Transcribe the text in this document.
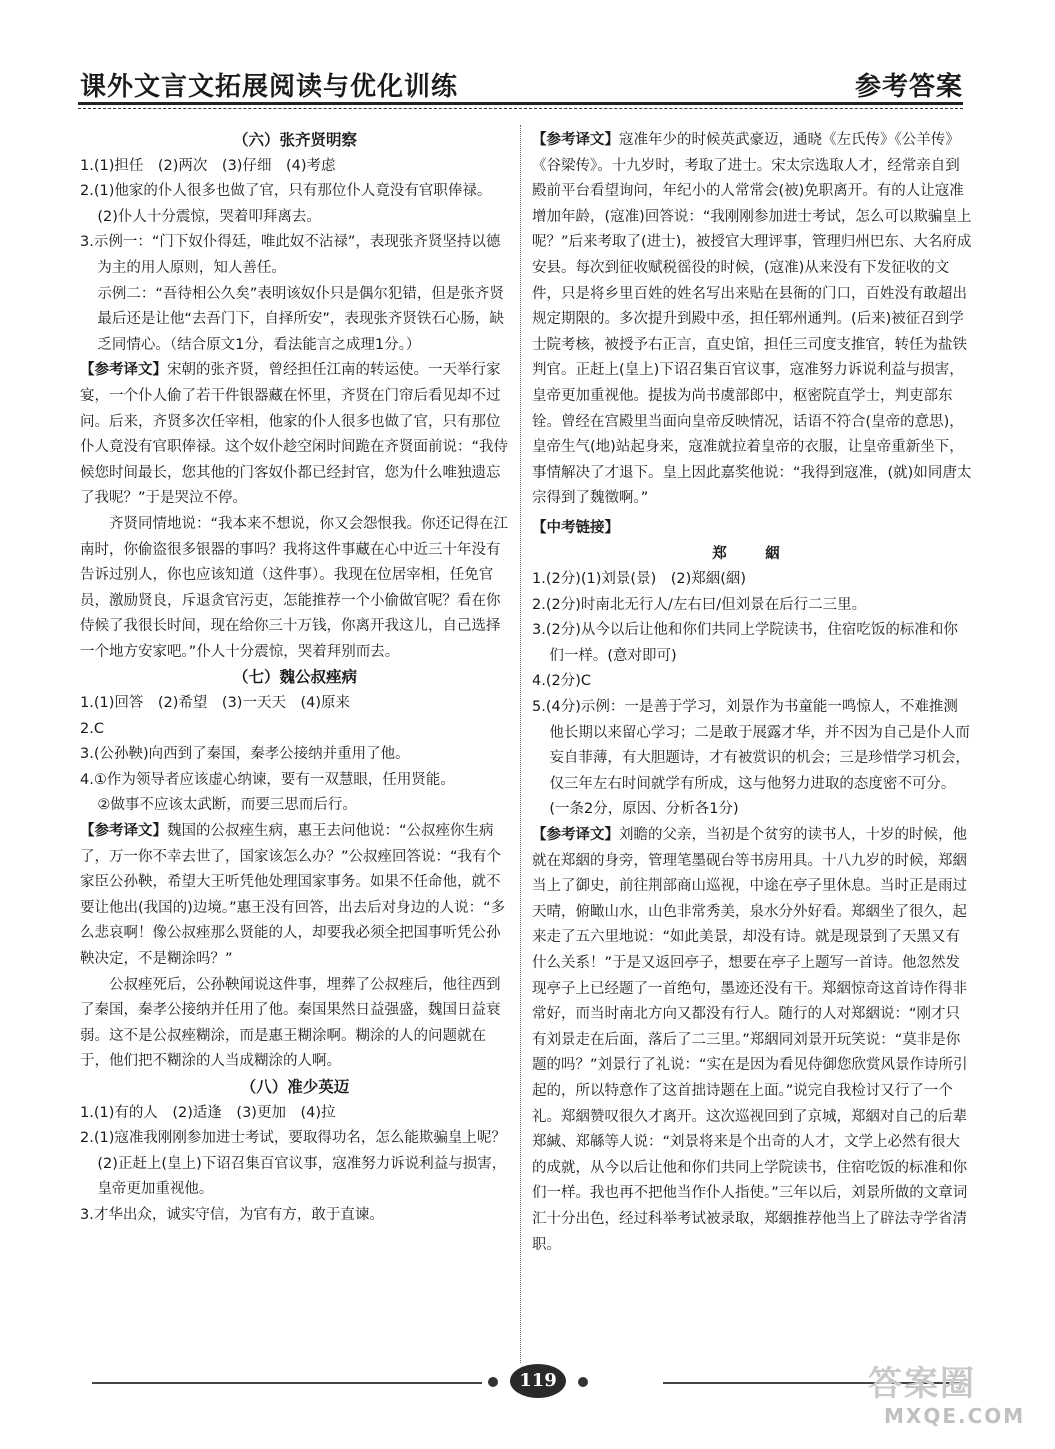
课外文言文拓展阅读与优化训练	参考答案
（六）张齐贤明察

1.(1)担任　(2)两次　(3)仔细　(4)考虑

2.(1)他家的仆人很多也做了官，只有那位仆人竟没有官职俸禄。

(2)仆人十分震惊，哭着叩拜离去。

3.示例一：“门下奴仆得廷，唯此奴不沾禄”，表现张齐贤坚持以德为主的用人原则，知人善任。

示例二：“吾待相公久矣”表明该奴仆只是偶尔犯错，但是张齐贤最后还是让他“去吾门下，自择所安”，表现张齐贤铁石心肠，缺乏同情心。（结合原文1分，看法能言之成理1分。）

【参考译文】宋朝的张齐贤，曾经担任江南的转运使。一天举行家宴，一个仆人偷了若干件银器藏在怀里，齐贤在门帘后看见却不过问。后来，齐贤多次任宰相，他家的仆人很多也做了官，只有那位仆人竟没有官职俸禄。这个奴仆趁空闲时间跪在齐贤面前说：“我侍候您时间最长，您其他的门客奴仆都已经封官，您为什么唯独遗忘了我呢？”于是哭泣不停。

齐贤同情地说：“我本来不想说，你又会怨恨我。你还记得在江南时，你偷盗很多银器的事吗？我将这件事藏在心中近三十年没有告诉过别人，你也应该知道（这件事）。我现在位居宰相，任免官员，激励贤良，斥退贪官污吏，怎能推荐一个小偷做官呢？看在你侍候了我很长时间，现在给你三十万钱，你离开我这儿，自己选择一个地方安家吧。”仆人十分震惊，哭着拜别而去。

（七）魏公叔痤病

1.(1)回答　(2)希望　(3)一天天　(4)原来

2.C

3.(公孙鞅)向西到了秦国，秦孝公接纳并重用了他。

4.①作为领导者应该虚心纳谏，要有一双慧眼，任用贤能。

②做事不应该太武断，而要三思而后行。

【参考译文】魏国的公叔痤生病，惠王去问他说：“公叔痤你生病了，万一你不幸去世了，国家该怎么办？”公叔痤回答说：“我有个家臣公孙鞅，希望大王听凭他处理国家事务。如果不任命他，就不要让他出(我国的)边境。”惠王没有回答，出去后对身边的人说：“多么悲哀啊！像公叔痤那么贤能的人，却要我必须全把国事听凭公孙鞅决定，不是糊涂吗？”

公叔痤死后，公孙鞅闻说这件事，埋葬了公叔痤后，他往西到了秦国，秦孝公接纳并任用了他。秦国果然日益强盛，魏国日益衰弱。这不是公叔痤糊涂，而是惠王糊涂啊。糊涂的人的问题就在于，他们把不糊涂的人当成糊涂的人啊。

（八）准少英迈

1.(1)有的人　(2)适逢　(3)更加　(4)拉

2.(1)寇准我刚刚参加进士考试，要取得功名，怎么能欺骗皇上呢？

(2)正赶上(皇上)下诏召集百官议事，寇准努力诉说利益与损害，皇帝更加重视他。

3.才华出众，诚实守信，为官有方，敢于直谏。

【参考译文】寇准年少的时候英武豪迈，通晓《左氏传》《公羊传》《谷梁传》。十九岁时，考取了进士。宋太宗选取人才，经常亲自到殿前平台看望询问，年纪小的人常常会(被)免职离开。有的人让寇准增加年龄，(寇准)回答说：“我刚刚参加进士考试，怎么可以欺骗皇上呢？”后来考取了(进士)，被授官大理评事，管理归州巴东、大名府成安县。每次到征收赋税徭役的时候，(寇准)从来没有下发征收的文件，只是将乡里百姓的姓名写出来贴在县衙的门口，百姓没有敢超出规定期限的。多次提升到殿中丞，担任郓州通判。(后来)被征召到学士院考核，被授予右正言，直史馆，担任三司度支推官，转任为盐铁判官。正赶上(皇上)下诏召集百官议事，寇准努力诉说利益与损害，皇帝更加重视他。提拔为尚书虞部郎中，枢密院直学士，判吏部东铨。曾经在宫殿里当面向皇帝反映情况，话语不符合(皇帝的意思)，皇帝生气(地)站起身来，寇准就拉着皇帝的衣服，让皇帝重新坐下，事情解决了才退下。皇上因此嘉奖他说：“我得到寇准，(就)如同唐太宗得到了魏徵啊。”

【中考链接】

郑　絪

1.(2分)(1)刘景(景)　(2)郑絪(絪)

2.(2分)时南北无行人/左右曰/但刘景在后行二三里。

3.(2分)从今以后让他和你们共同上学院读书，住宿吃饭的标准和你们一样。(意对即可)

4.(2分)C

5.(4分)示例：一是善于学习，刘景作为书童能一鸣惊人，不难推测他长期以来留心学习；二是敢于展露才华，并不因为自己是仆人而妄自菲薄，有大胆题诗，才有被赏识的机会；三是珍惜学习机会，仅三年左右时间就学有所成，这与他努力进取的态度密不可分。(一条2分，原因、分析各1分)

【参考译文】刘瞻的父亲，当初是个贫穷的读书人，十岁的时候，他就在郑絪的身旁，管理笔墨砚台等书房用具。十八九岁的时候，郑絪当上了御史，前往荆部商山巡视，中途在亭子里休息。当时正是雨过天晴，俯瞰山水，山色非常秀美，泉水分外好看。郑絪坐了很久，起来走了五六里地说：“如此美景，却没有诗。就是现景到了天黑又有什么关系！”于是又返回亭子，想要在亭子上题写一首诗。他忽然发现亭子上已经题了一首绝句，墨迹还没有干。郑絪惊奇这首诗作得非常好，而当时南北方向又都没有行人。随行的人对郑絪说：“刚才只有刘景走在后面，落后了二三里。”郑絪同刘景开玩笑说：“莫非是你题的吗？”刘景行了礼说：“实在是因为看见侍御您欣赏风景作诗所引起的，所以特意作了这首拙诗题在上面。”说完自我检讨又行了一个礼。郑絪赞叹很久才离开。这次巡视回到了京城，郑絪对自己的后辈郑緘、郑緜等人说：“刘景将来是个出奇的人才，文学上必然有很大的成就，从今以后让他和你们共同上学院读书，住宿吃饭的标准和你们一样。我也再不把他当作仆人指使。”三年以后，刘景所做的文章词汇十分出色，经过科举考试被录取，郑絪推荐他当上了辟法寺学省清职。

119	答案圈
MXQE.COM
